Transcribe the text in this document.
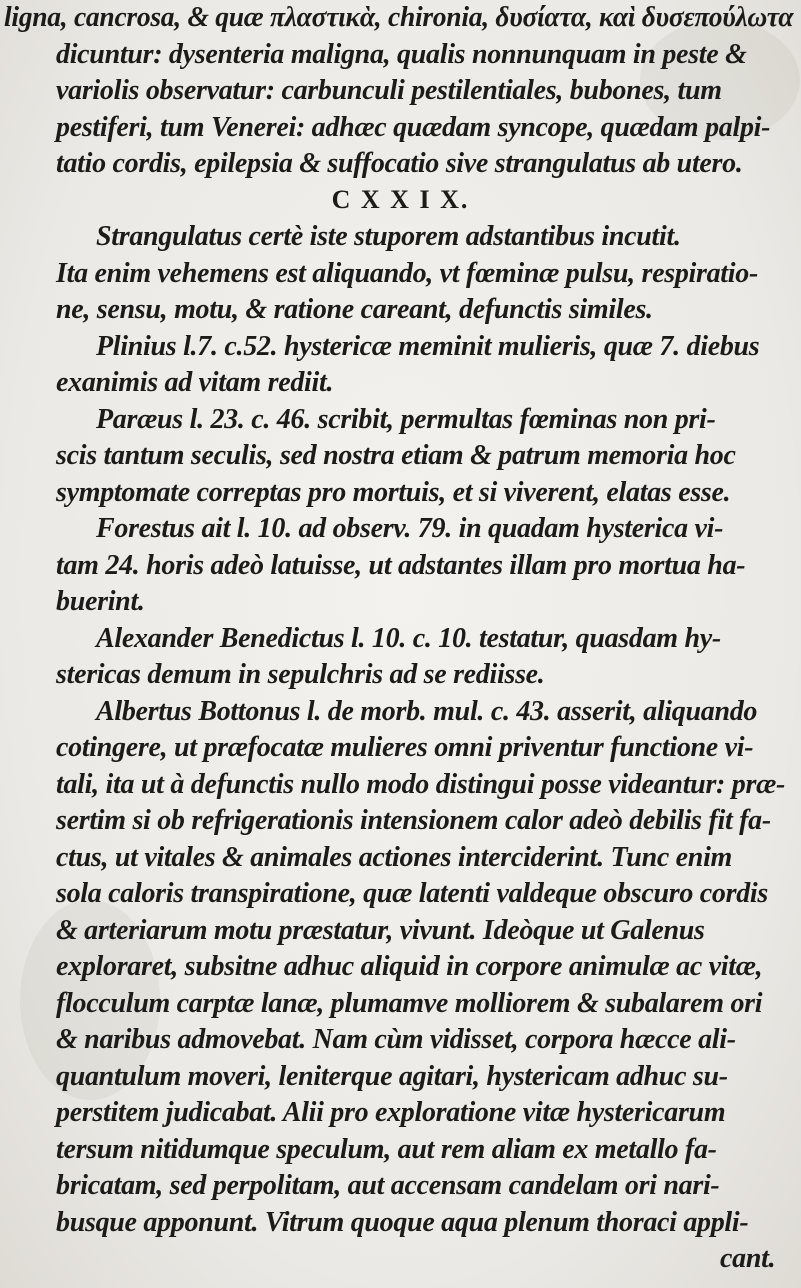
ligna, cancrosa, & quæ πλαστικὰ, chironia, δυσίατα, καὶ δυσεπούλωτα
dicuntur: dysenteria maligna, qualis nonnunquam in peste &
variolis observatur: carbunculi pestilentiales, bubones, tum
pestiferi, tum Venerei: adhæc quædam syncope, quædam palpi-
tatio cordis, epilepsia & suffocatio sive strangulatus ab utero.
C X X I X.
Strangulatus certè iste stuporem adstantibus incutit.
Ita enim vehemens est aliquando, vt fœminæ pulsu, respiratio-
ne, sensu, motu, & ratione careant, defunctis similes.
Plinius l.7. c.52. hystericæ meminit mulieris, quæ 7. diebus
exanimis ad vitam rediit.
Paræus l. 23. c. 46. scribit, permultas fœminas non pri-
scis tantum seculis, sed nostra etiam & patrum memoria hoc
symptomate correptas pro mortuis, et si viverent, elatas esse.
Forestus ait l. 10. ad observ. 79. in quadam hysterica vi-
tam 24. horis adeò latuisse, ut adstantes illam pro mortua ha-
buerint.
Alexander Benedictus l. 10. c. 10. testatur, quasdam hy-
stericas demum in sepulchris ad se rediisse.
Albertus Bottonus l. de morb. mul. c. 43. asserit, aliquando
cotingere, ut præfocatæ mulieres omni priventur functione vi-
tali, ita ut à defunctis nullo modo distingui posse videantur: præ-
sertim si ob refrigerationis intensionem calor adeò debilis fit fa-
ctus, ut vitales & animales actiones interciderint. Tunc enim
sola caloris transpiratione, quæ latenti valdeque obscuro cordis
& arteriarum motu præstatur, vivunt. Ideòque ut Galenus
exploraret, subsitne adhuc aliquid in corpore animulæ ac vitæ,
flocculum carptæ lanæ, plumamve molliorem & subalarem ori
& naribus admovebat. Nam cùm vidisset, corpora hæcce ali-
quantulum moveri, leniterque agitari, hystericam adhuc su-
perstitem judicabat. Alii pro exploratione vitæ hystericarum
tersum nitidumque speculum, aut rem aliam ex metallo fa-
bricatam, sed perpolitam, aut accensam candelam ori nari-
busque apponunt. Vitrum quoque aqua plenum thoraci appli-
cant.
